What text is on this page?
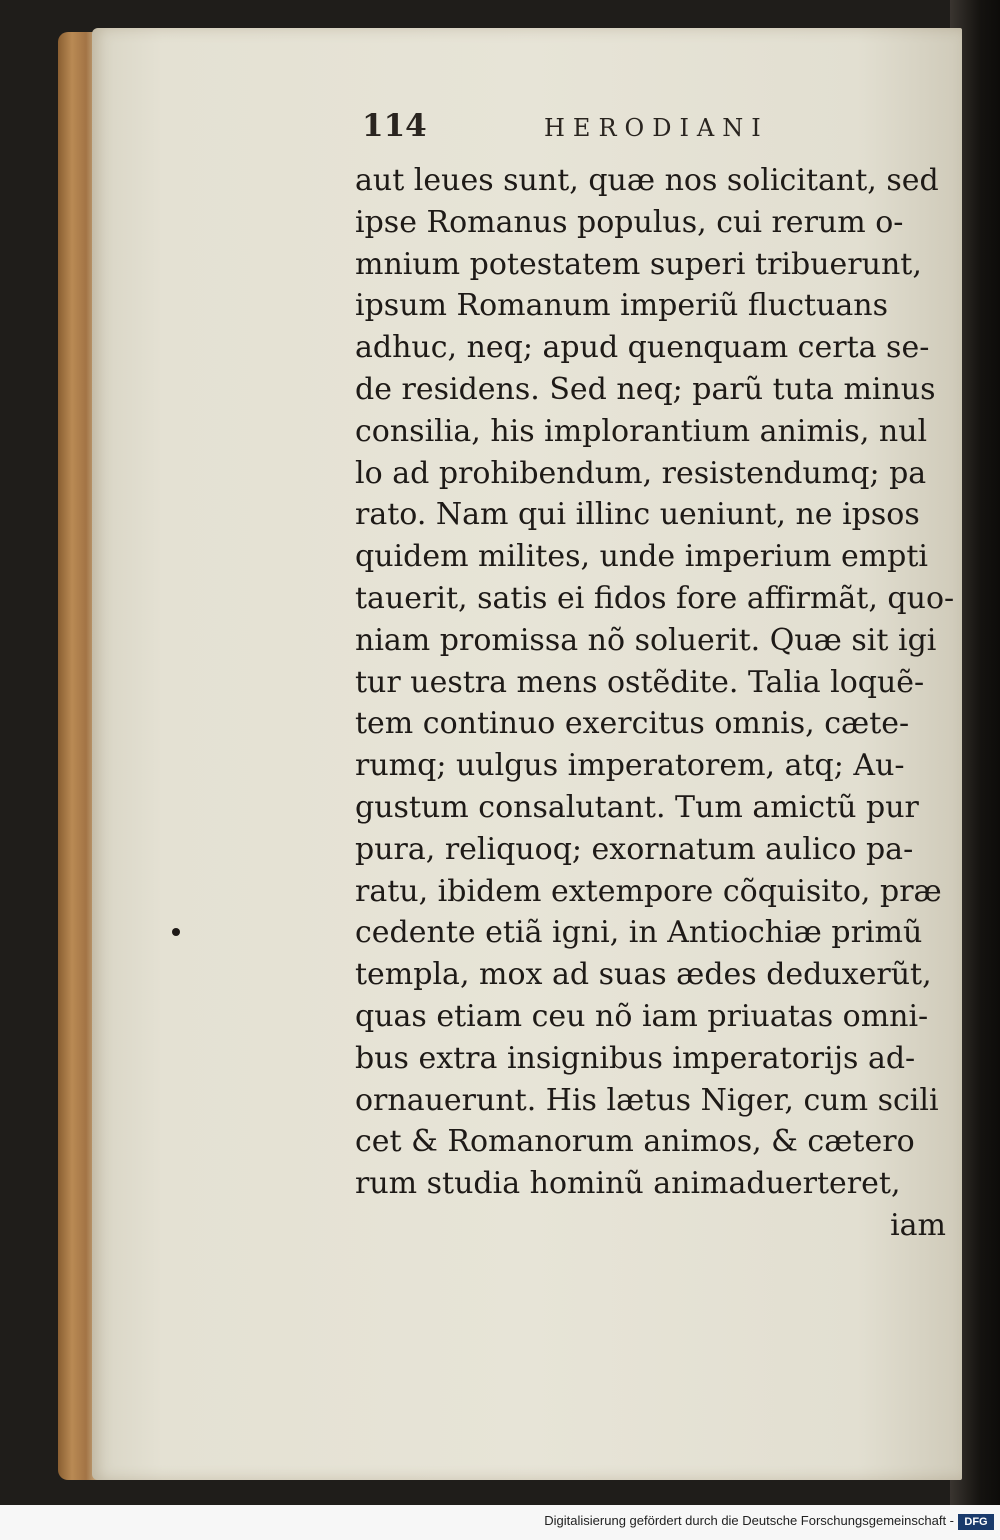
114	HERODIANI
aut leues sunt, quæ nos solicitant, sed
ipse Romanus populus, cui rerum o-
mnium potestatem superi tribuerunt,
ipsum Romanum imperiũ fluctuans
adhuc, neq; apud quenquam certa se-
de residens. Sed neq; parũ tuta minus
consilia, his implorantium animis, nul
lo ad prohibendum, resistendumq; pa
rato. Nam qui illinc ueniunt, ne ipsos
quidem milites, unde imperium empti
tauerit, satis ei fidos fore affirmãt, quo-
niam promissa nõ soluerit. Quæ sit igi
tur uestra mens ostẽdite. Talia loquẽ-
tem continuo exercitus omnis, cæte-
rumq; uulgus imperatorem, atq; Au-
gustum consalutant. Tum amictũ pur
pura, reliquoq; exornatum aulico pa-
ratu, ibidem extempore cõquisito, præ
cedente etiã igni, in Antiochiæ primũ
templa, mox ad suas ædes deduxerũt,
quas etiam ceu nõ iam priuatas omni-
bus extra insignibus imperatorijs ad-
ornauerunt. His lætus Niger, cum scili
cet & Romanorum animos, & cætero
rum studia hominũ animaduerteret,
iam
Digitalisierung gefördert durch die Deutsche Forschungsgemeinschaft - DFG
